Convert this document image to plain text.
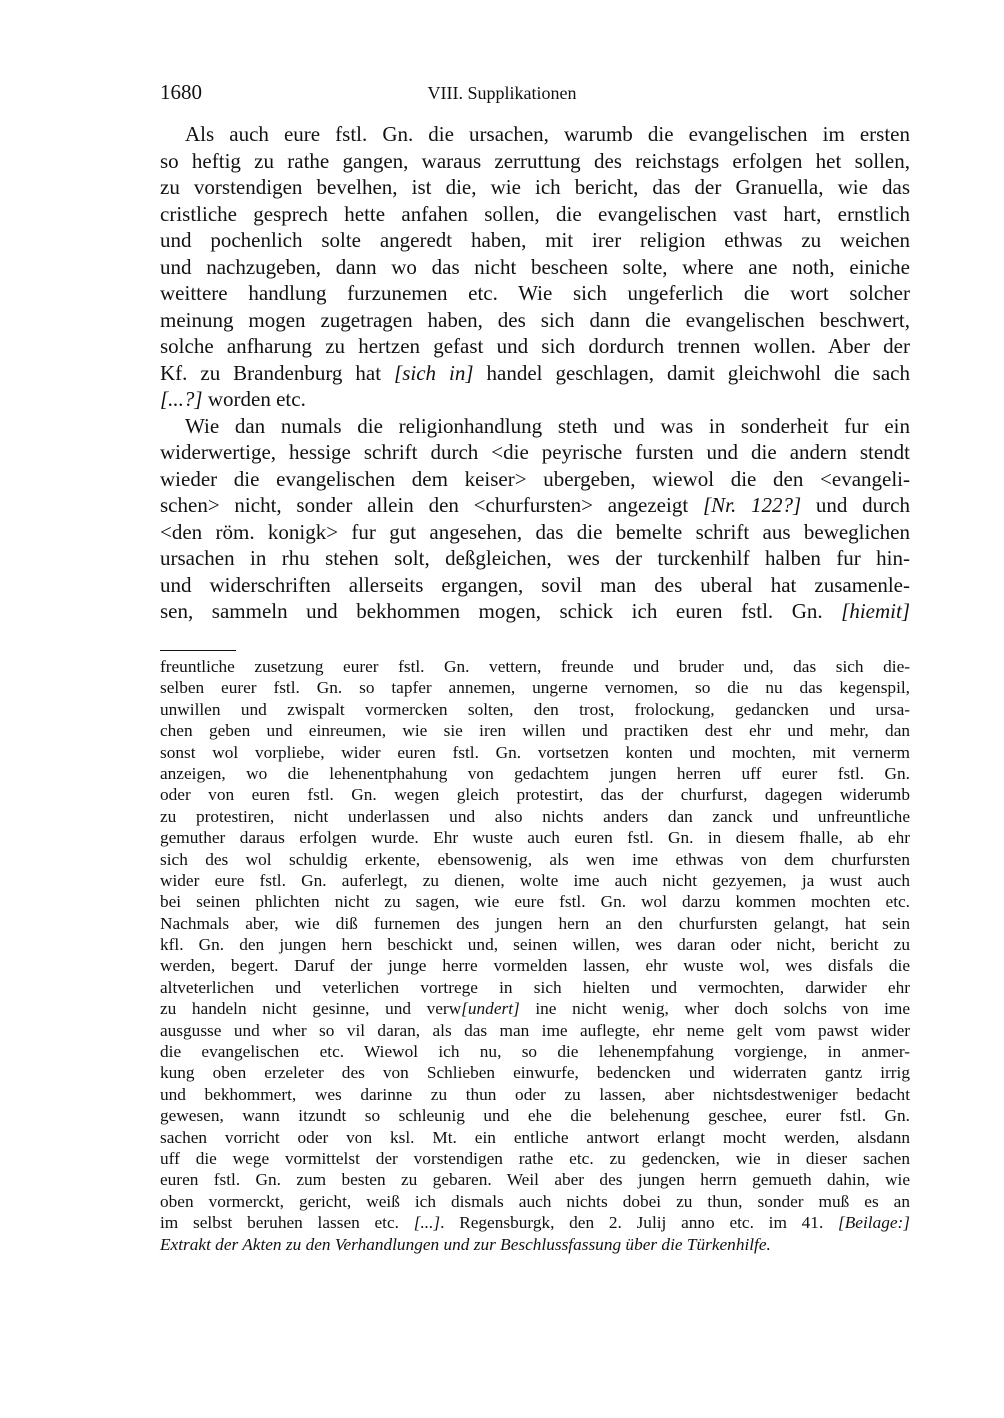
1680	VIII. Supplikationen
Als auch eure fstl. Gn. die ursachen, warumb die evangelischen im ersten
so heftig zu rathe gangen, waraus zerruttung des reichstags erfolgen het sollen,
zu vorstendigen bevelhen, ist die, wie ich bericht, das der Granuella, wie das
cristliche gesprech hette anfahen sollen, die evangelischen vast hart, ernstlich
und pochenlich solte angeredt haben, mit irer religion ethwas zu weichen
und nachzugeben, dann wo das nicht bescheen solte, where ane noth, einiche
weittere handlung furzunemen etc. Wie sich ungeferlich die wort solcher
meinung mogen zugetragen haben, des sich dann die evangelischen beschwert,
solche anfharung zu hertzen gefast und sich dordurch trennen wollen. Aber der
Kf. zu Brandenburg hat [sich in] handel geschlagen, damit gleichwohl die sach
[...?] worden etc.
Wie dan numals die religionhandlung steth und was in sonderheit fur ein
widerwertige, hessige schrift durch <die peyrische fursten und die andern stendt
wieder die evangelischen dem keiser> ubergeben, wiewol die den <evangeli-
schen> nicht, sonder allein den <churfursten> angezeigt [Nr. 122?] und durch
<den röm. konigk> fur gut angesehen, das die bemelte schrift aus beweglichen
ursachen in rhu stehen solt, deßgleichen, wes der turckenhilf halben fur hin-
und widerschriften allerseits ergangen, sovil man des uberal hat zusamenle-
sen, sammeln und bekhommen mogen, schick ich euren fstl. Gn. [hiemit]
freuntliche zusetzung eurer fstl. Gn. vettern, freunde und bruder und, das sich die-
selben eurer fstl. Gn. so tapfer annemen, ungerne vernomen, so die nu das kegenspil,
unwillen und zwispalt vormercken solten, den trost, frolockung, gedancken und ursa-
chen geben und einreumen, wie sie iren willen und practiken dest ehr und mehr, dan
sonst wol vorpliebe, wider euren fstl. Gn. vortsetzen konten und mochten, mit vernerm
anzeigen, wo die lehenentphahung von gedachtem jungen herren uff eurer fstl. Gn.
oder von euren fstl. Gn. wegen gleich protestirt, das der churfurst, dagegen widerumb
zu protestiren, nicht underlassen und also nichts anders dan zanck und unfreuntliche
gemuther daraus erfolgen wurde. Ehr wuste auch euren fstl. Gn. in diesem fhalle, ab ehr
sich des wol schuldig erkente, ebensowenig, als wen ime ethwas von dem churfursten
wider eure fstl. Gn. auferlegt, zu dienen, wolte ime auch nicht gezyemen, ja wust auch
bei seinen phlichten nicht zu sagen, wie eure fstl. Gn. wol darzu kommen mochten etc.
Nachmals aber, wie diß furnemen des jungen hern an den churfursten gelangt, hat sein
kfl. Gn. den jungen hern beschickt und, seinen willen, wes daran oder nicht, bericht zu
werden, begert. Daruf der junge herre vormelden lassen, ehr wuste wol, wes disfals die
altveterlichen und veterlichen vortrege in sich hielten und vermochten, darwider ehr
zu handeln nicht gesinne, und verw[undert] ine nicht wenig, wher doch solchs von ime
ausgusse und wher so vil daran, als das man ime auflegte, ehr neme gelt vom pawst wider
die evangelischen etc. Wiewol ich nu, so die lehenempfahung vorgienge, in anmer-
kung oben erzeleter des von Schlieben einwurfe, bedencken und widerraten gantz irrig
und bekhommert, wes darinne zu thun oder zu lassen, aber nichtsdestweniger bedacht
gewesen, wann itzundt so schleunig und ehe die belehenung geschee, eurer fstl. Gn.
sachen vorricht oder von ksl. Mt. ein entliche antwort erlangt mocht werden, alsdann
uff die wege vormittelst der vorstendigen rathe etc. zu gedencken, wie in dieser sachen
euren fstl. Gn. zum besten zu gebaren. Weil aber des jungen herrn gemueth dahin, wie
oben vormerckt, gericht, weiß ich dismals auch nichts dobei zu thun, sonder muß es an
im selbst beruhen lassen etc. [...]. Regensburgk, den 2. Julij anno etc. im 41. [Beilage:]
Extrakt der Akten zu den Verhandlungen und zur Beschlussfassung über die Türkenhilfe.
